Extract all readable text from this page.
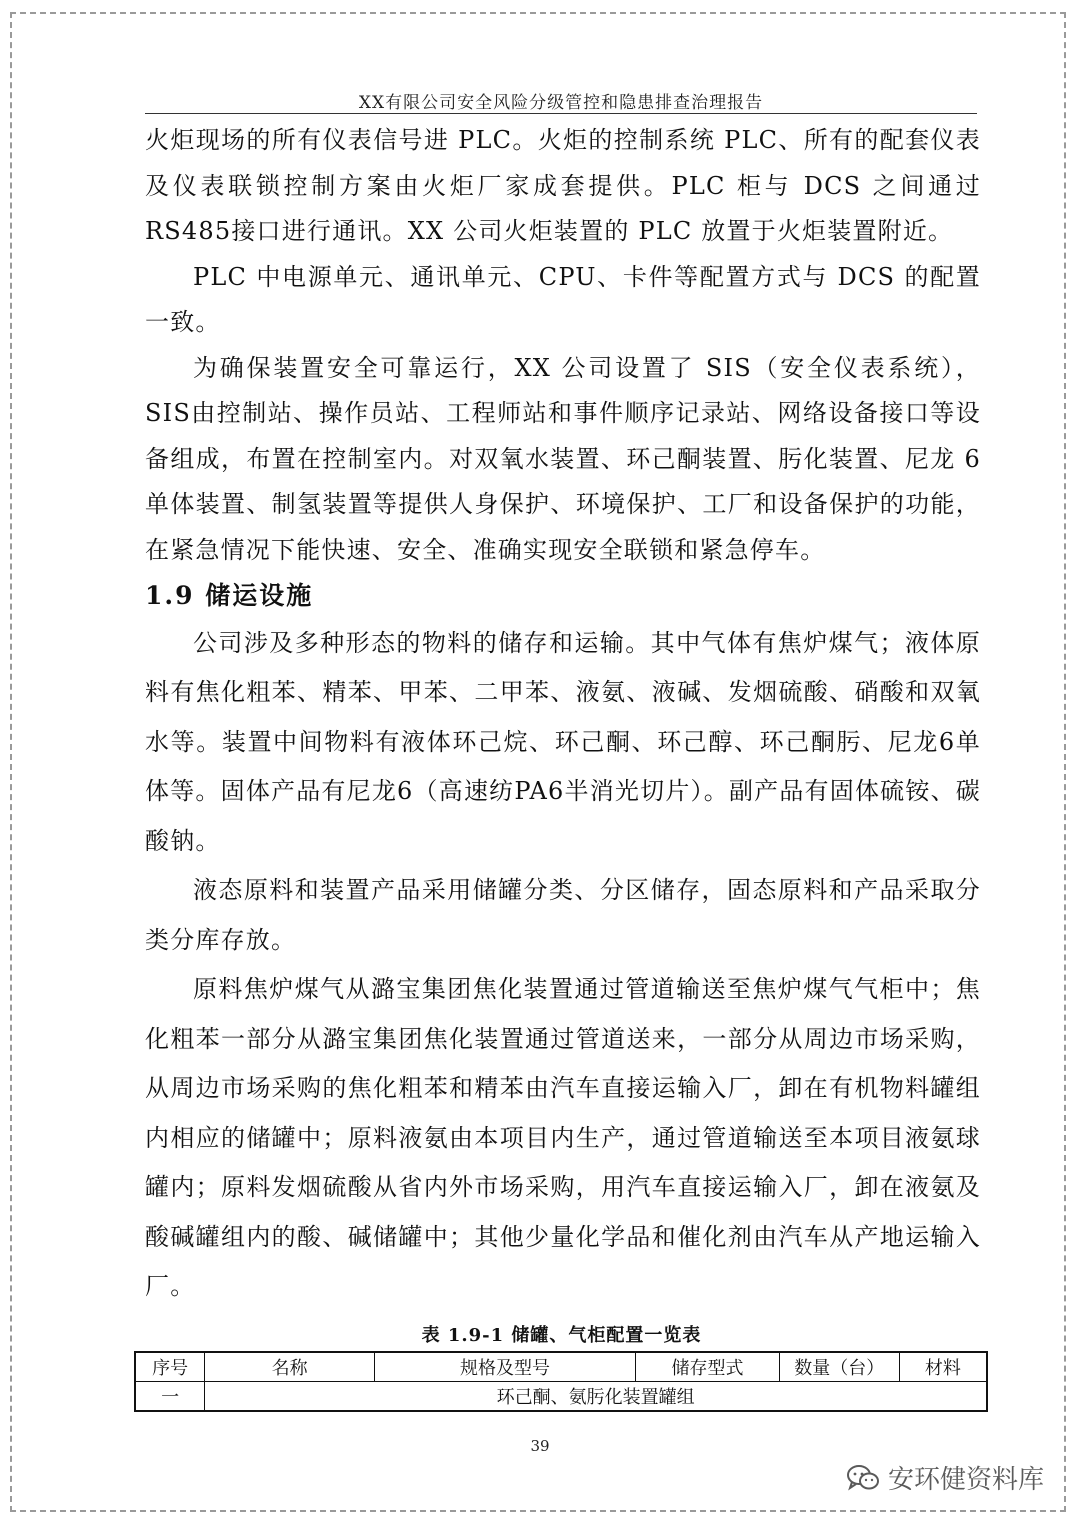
XX有限公司安全风险分级管控和隐患排查治理报告

火炬现场的所有仪表信号进 PLC。火炬的控制系统 PLC、所有的配套仪表及仪表联锁控制方案由火炬厂家成套提供。PLC 柜与 DCS 之间通过 RS485接口进行通讯。XX 公司火炬装置的 PLC 放置于火炬装置附近。

PLC 中电源单元、通讯单元、CPU、卡件等配置方式与 DCS 的配置一致。

为确保装置安全可靠运行，XX 公司设置了 SIS（安全仪表系统），SIS由控制站、操作员站、工程师站和事件顺序记录站、网络设备接口等设备组成，布置在控制室内。对双氧水装置、环己酮装置、肟化装置、尼龙 6单体装置、制氢装置等提供人身保护、环境保护、工厂和设备保护的功能，在紧急情况下能快速、安全、准确实现安全联锁和紧急停车。

1.9 储运设施

公司涉及多种形态的物料的储存和运输。其中气体有焦炉煤气；液体原料有焦化粗苯、精苯、甲苯、二甲苯、液氨、液碱、发烟硫酸、硝酸和双氧水等。装置中间物料有液体环己烷、环己酮、环己醇、环己酮肟、尼龙6单体等。固体产品有尼龙6（高速纺PA6半消光切片）。副产品有固体硫铵、碳酸钠。

液态原料和装置产品采用储罐分类、分区储存，固态原料和产品采取分类分库存放。

原料焦炉煤气从潞宝集团焦化装置通过管道输送至焦炉煤气气柜中；焦化粗苯一部分从潞宝集团焦化装置通过管道送来，一部分从周边市场采购，从周边市场采购的焦化粗苯和精苯由汽车直接运输入厂，卸在有机物料罐组内相应的储罐中；原料液氨由本项目内生产，通过管道输送至本项目液氨球罐内；原料发烟硫酸从省内外市场采购，用汽车直接运输入厂，卸在液氨及酸碱罐组内的酸、碱储罐中；其他少量化学品和催化剂由汽车从产地运输入厂。

表 1.9-1 储罐、气柜配置一览表
序号	名称	规格及型号	储存型式	数量（台）	材料
一	环己酮、氨肟化装置罐组				
39
安环健资料库
